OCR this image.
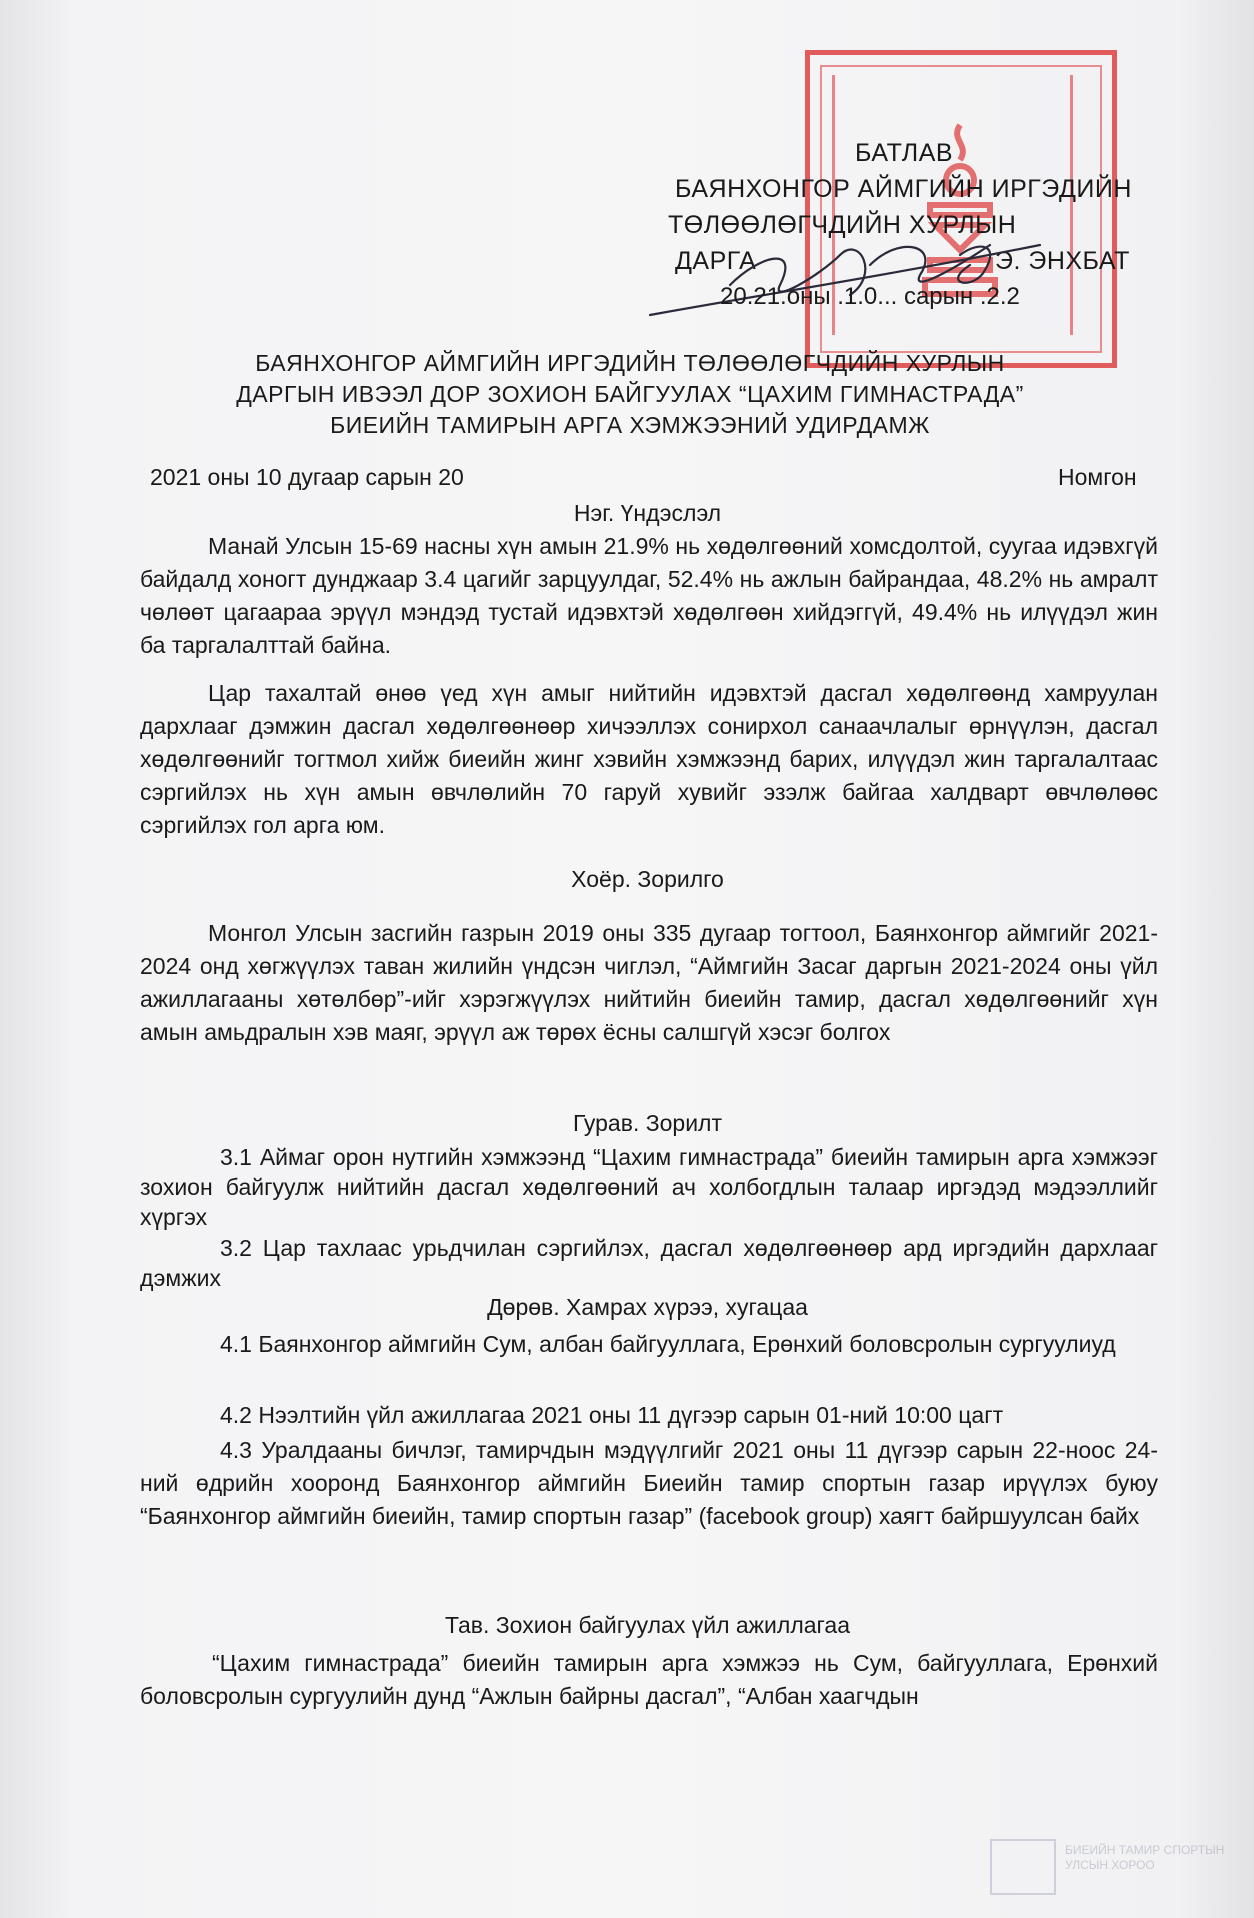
БАТЛАВ
БАЯНХОНГОР АЙМГИЙН ИРГЭДИЙН
ТӨЛӨӨЛӨГЧДИЙН ХУРЛЫН
ДАРГА	Э. ЭНХБАТ
20.21.оны .1.0... сарын .2.2
БАЯНХОНГОР АЙМГИЙН ИРГЭДИЙН ТӨЛӨӨЛӨГЧДИЙН ХУРЛЫН
ДАРГЫН ИВЭЭЛ ДОР ЗОХИОН БАЙГУУЛАХ “ЦАХИМ ГИМНАСТРАДА”
БИЕИЙН ТАМИРЫН АРГА ХЭМЖЭЭНИЙ УДИРДАМЖ
2021 оны 10 дугаар сарын 20	Номгон
Нэг. Үндэслэл
Манай Улсын 15-69 насны хүн амын 21.9% нь хөдөлгөөний хомсдолтой, суугаа идэвхгүй байдалд хоногт дунджаар 3.4 цагийг зарцуулдаг, 52.4% нь ажлын байрандаа, 48.2% нь амралт чөлөөт цагаараа эрүүл мэндэд тустай идэвхтэй хөдөлгөөн хийдэггүй, 49.4% нь илүүдэл жин ба таргалалттай байна.
Цар тахалтай өнөө үед хүн амыг нийтийн идэвхтэй дасгал хөдөлгөөнд хамруулан дархлааг дэмжин дасгал хөдөлгөөнөөр хичээллэх сонирхол санаачлалыг өрнүүлэн, дасгал хөдөлгөөнийг тогтмол хийж биеийн жинг хэвийн хэмжээнд барих, илүүдэл жин таргалалтаас сэргийлэх нь хүн амын өвчлөлийн 70 гаруй хувийг эзэлж байгаа халдварт өвчлөлөөс сэргийлэх гол арга юм.
Хоёр. Зорилго
Монгол Улсын засгийн газрын 2019 оны 335 дугаар тогтоол, Баянхонгор аймгийг 2021-2024 онд хөгжүүлэх таван жилийн үндсэн чиглэл, “Аймгийн Засаг даргын 2021-2024 оны үйл ажиллагааны хөтөлбөр”-ийг хэрэгжүүлэх нийтийн биеийн тамир, дасгал хөдөлгөөнийг хүн амын амьдралын хэв маяг, эрүүл аж төрөх ёсны салшгүй хэсэг болгох
Гурав. Зорилт
3.1 Аймаг орон нутгийн хэмжээнд “Цахим гимнастрада” биеийн тамирын арга хэмжээг зохион байгуулж нийтийн дасгал хөдөлгөөний ач холбогдлын талаар иргэдэд мэдээллийг хүргэх
3.2 Цар тахлаас урьдчилан сэргийлэх, дасгал хөдөлгөөнөөр ард иргэдийн дархлааг дэмжих
Дөрөв. Хамрах хүрээ, хугацаа
4.1 Баянхонгор аймгийн Сум, албан байгууллага, Ерөнхий боловсролын сургуулиуд
4.2 Нээлтийн үйл ажиллагаа 2021 оны 11 дүгээр сарын 01-ний 10:00 цагт
4.3 Уралдааны бичлэг, тамирчдын мэдүүлгийг 2021 оны 11 дүгээр сарын 22-ноос 24-ний өдрийн хооронд Баянхонгор аймгийн Биеийн тамир спортын газар ирүүлэх буюу “Баянхонгор аймгийн биеийн, тамир спортын газар” (facebook group) хаягт байршуулсан байх
Тав. Зохион байгуулах үйл ажиллагаа
“Цахим гимнастрада” биеийн тамирын арга хэмжээ нь Сум, байгууллага, Ерөнхий боловсролын сургуулийн дунд “Ажлын байрны дасгал”, “Албан хаагчдын
БИЕИЙН ТАМИР СПОРТЫН
УЛСЫН ХОРОО
